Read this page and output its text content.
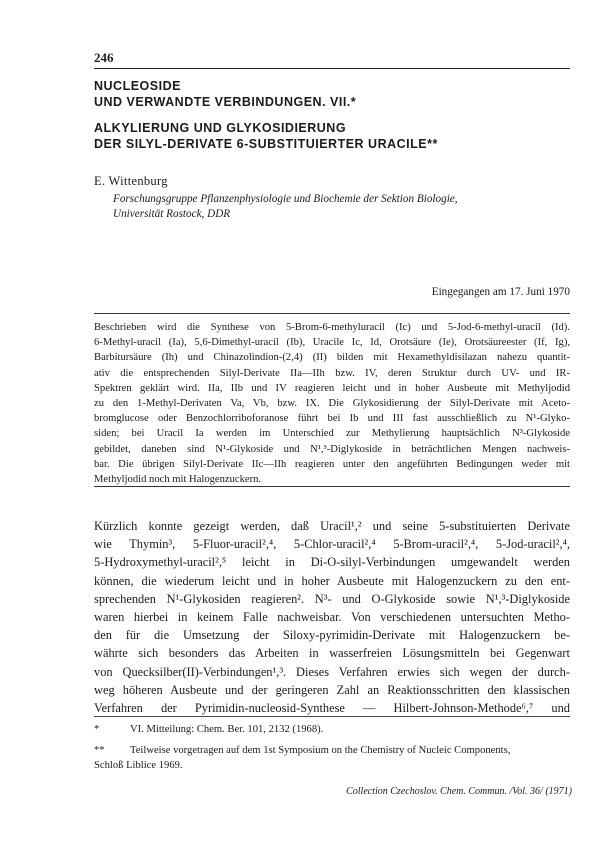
246
NUCLEOSIDE
UND VERWANDTE VERBINDUNGEN. VII.*
ALKYLIERUNG UND GLYKOSIDIERUNG
DER SILYL-DERIVATE 6-SUBSTITUIERTER URACILE**
E. Wittenburg
Forschungsgruppe Pflanzenphysiologie und Biochemie der Sektion Biologie,
Universität Rostock, DDR
Eingegangen am 17. Juni 1970
Beschrieben wird die Synthese von 5-Brom-6-methyluracil (Ic) und 5-Jod-6-methyl-uracil (Id).
6-Methyl-uracil (Ia), 5,6-Dimethyl-uracil (Ib), Uracile Ic, Id, Orotsäure (Ie), Orotsäureester (If, Ig),
Barbitursäure (Ih) und Chinazolindion-(2,4) (II) bilden mit Hexamethyldisilazan nahezu quantit-
ativ die entsprechenden Silyl-Derivate IIa—IIh bzw. IV, deren Struktur durch UV- und IR-
Spektren geklärt wird. IIa, IIb und IV reagieren leicht und in hoher Ausbeute mit Methyljodid
zu den 1-Methyl-Derivaten Va, Vb, bzw. IX. Die Glykosidierung der Silyl-Derivate mit Aceto-
bromglucose oder Benzochlorriboforanose führt bei Ib und III fast ausschließlich zu N¹-Glyko-
siden; bei Uracil Ia werden im Unterschied zur Methylierung hauptsächlich N³-Glykoside
gebildet, daneben sind N¹-Glykoside und N¹,³-Diglykoside in beträchtlichen Mengen nachweis-
bar. Die übrigen Silyl-Derivate IIc—IIh reagieren unter den angeführten Bedingungen weder mit
Methyljodid noch mit Halogenzuckern.
Kürzlich konnte gezeigt werden, daß Uracil¹,² und seine 5-substituierten Derivate
wie Thymin³, 5-Fluor-uracil²,⁴, 5-Chlor-uracil²,⁴ 5-Brom-uracil²,⁴, 5-Jod-uracil²,⁴,
5-Hydroxymethyl-uracil²,⁵ leicht in Di-O-silyl-Verbindungen umgewandelt werden
können, die wiederum leicht und in hoher Ausbeute mit Halogenzuckern zu den ent-
sprechenden N¹-Glykosiden reagieren². N³- und O-Glykoside sowie N¹,³-Diglykoside
waren hierbei in keinem Falle nachweisbar. Von verschiedenen untersuchten Metho-
den für die Umsetzung der Siloxy-pyrimidin-Derivate mit Halogenzuckern be-
währte sich besonders das Arbeiten in wasserfreien Lösungsmitteln bei Gegenwart
von Quecksilber(II)-Verbindungen¹,³. Dieses Verfahren erwies sich wegen der durch-
weg höheren Ausbeute und der geringeren Zahl an Reaktionsschritten den klassischen
Verfahren der Pyrimidin-nucleosid-Synthese — Hilbert-Johnson-Methode⁶,⁷ und
*	VI. Mitteilung: Chem. Ber. 101, 2132 (1968).
** Teilweise vorgetragen auf dem 1st Symposium on the Chemistry of Nucleic Components,
Schloß Liblice 1969.
Collection Czechoslov. Chem. Commun. /Vol. 36/ (1971)
